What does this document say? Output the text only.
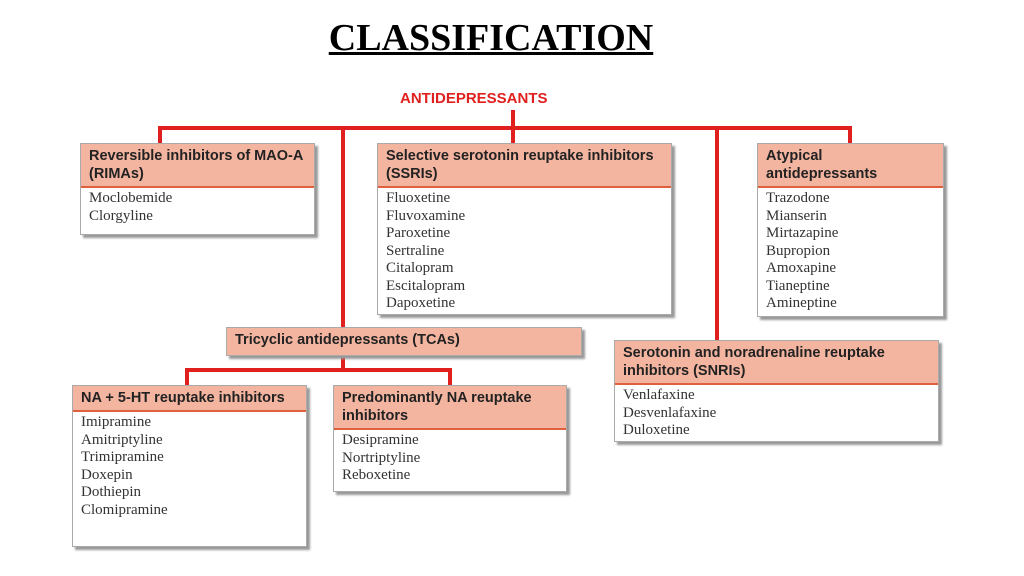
CLASSIFICATION
ANTIDEPRESSANTS
Reversible inhibitors of MAO-A (RIMAs)
Moclobemide
Clorgyline
Selective serotonin reuptake inhibitors (SSRIs)
Fluoxetine
Fluvoxamine
Paroxetine
Sertraline
Citalopram
Escitalopram
Dapoxetine
Atypical antidepressants
Trazodone
Mianserin
Mirtazapine
Bupropion
Amoxapine
Tianeptine
Amineptine
Tricyclic antidepressants (TCAs)
Serotonin and noradrenaline reuptake inhibitors (SNRIs)
Venlafaxine
Desvenlafaxine
Duloxetine
NA + 5-HT reuptake inhibitors
Imipramine
Amitriptyline
Trimipramine
Doxepin
Dothiepin
Clomipramine
Predominantly NA reuptake inhibitors
Desipramine
Nortriptyline
Reboxetine
